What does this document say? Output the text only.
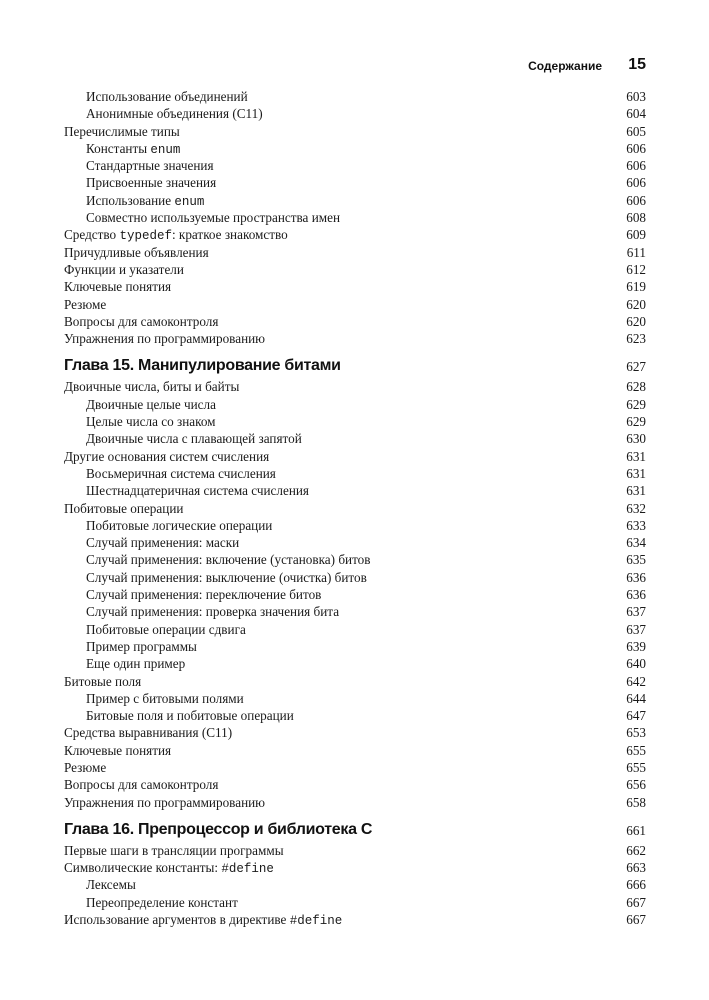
Содержание 15
Использование объединений	603
Анонимные объединения (C11)	604
Перечислимые типы	605
Константы enum	606
Стандартные значения	606
Присвоенные значения	606
Использование enum	606
Совместно используемые пространства имен	608
Средство typedef: краткое знакомство	609
Причудливые объявления	611
Функции и указатели	612
Ключевые понятия	619
Резюме	620
Вопросы для самоконтроля	620
Упражнения по программированию	623
Глава 15. Манипулирование битами	627
Двоичные числа, биты и байты	628
Двоичные целые числа	629
Целые числа со знаком	629
Двоичные числа с плавающей запятой	630
Другие основания систем счисления	631
Восьмеричная система счисления	631
Шестнадцатеричная система счисления	631
Побитовые операции	632
Побитовые логические операции	633
Случай применения: маски	634
Случай применения: включение (установка) битов	635
Случай применения: выключение (очистка) битов	636
Случай применения: переключение битов	636
Случай применения: проверка значения бита	637
Побитовые операции сдвига	637
Пример программы	639
Еще один пример	640
Битовые поля	642
Пример с битовыми полями	644
Битовые поля и побитовые операции	647
Средства выравнивания (C11)	653
Ключевые понятия	655
Резюме	655
Вопросы для самоконтроля	656
Упражнения по программированию	658
Глава 16. Препроцессор и библиотека C	661
Первые шаги в трансляции программы	662
Символические константы: #define	663
Лексемы	666
Переопределение констант	667
Использование аргументов в директиве #define	667
